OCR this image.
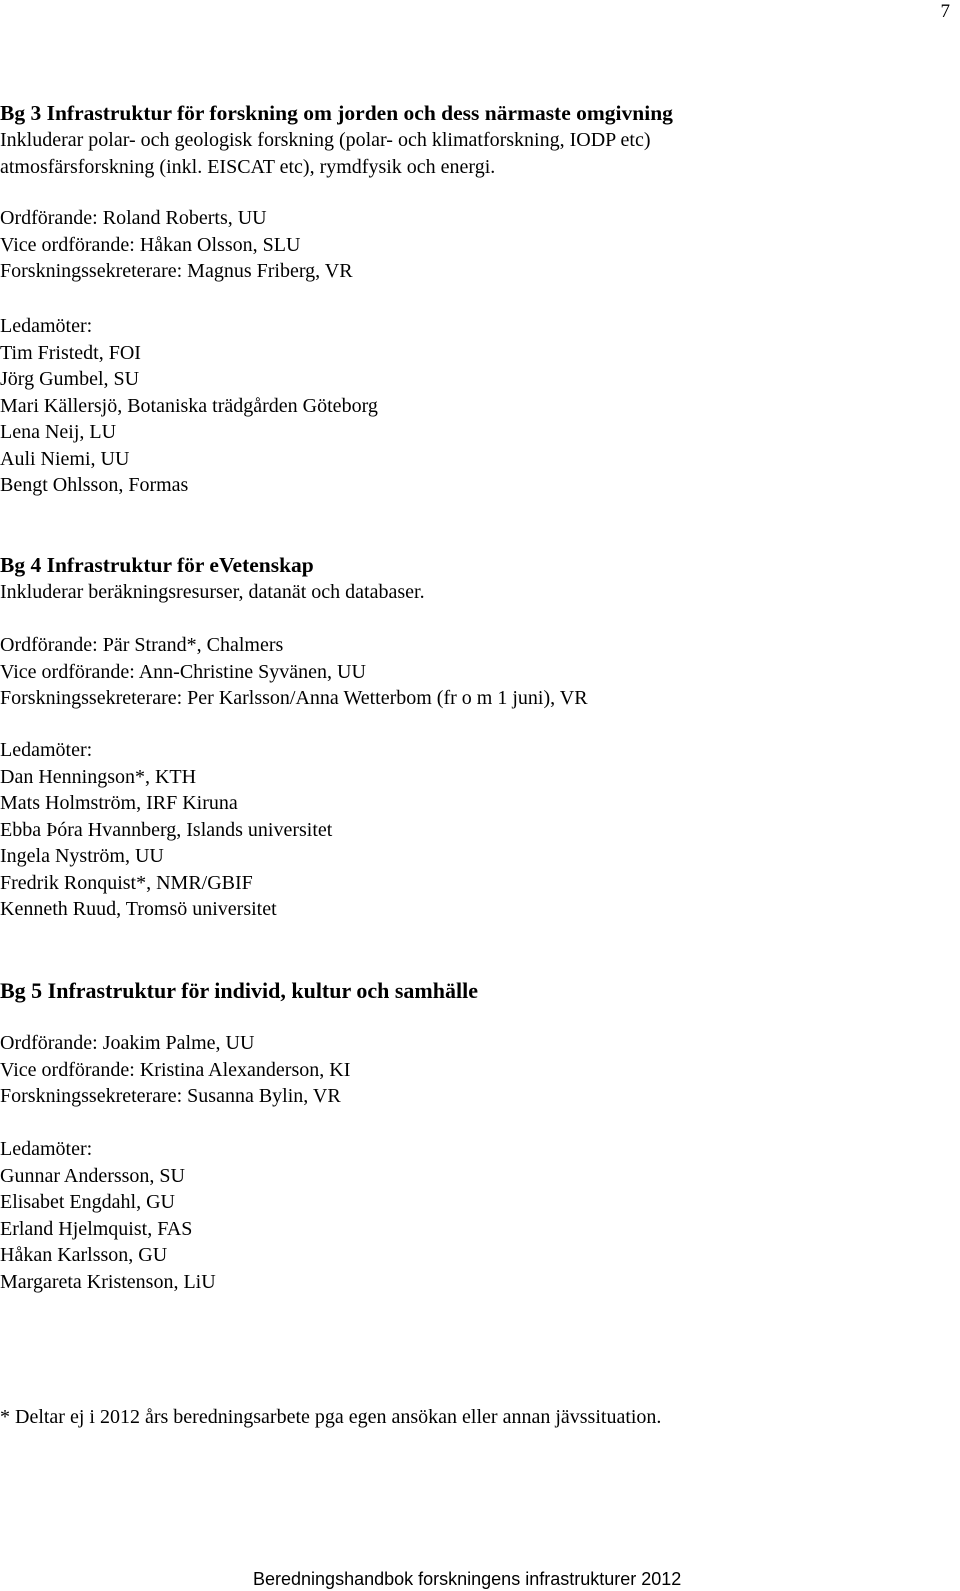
7
Bg 3 Infrastruktur för forskning om jorden och dess närmaste omgivning
Inkluderar polar- och geologisk forskning (polar- och klimatforskning, IODP etc)
atmosfärsforskning (inkl. EISCAT etc), rymdfysik och energi.
Ordförande: Roland Roberts, UU
Vice ordförande: Håkan Olsson, SLU
Forskningssekreterare: Magnus Friberg, VR
Ledamöter:
Tim Fristedt, FOI
Jörg Gumbel, SU
Mari Källersjö, Botaniska trädgården Göteborg
Lena Neij, LU
Auli Niemi, UU
Bengt Ohlsson, Formas
Bg 4 Infrastruktur för eVetenskap
Inkluderar beräkningsresurser, datanät och databaser.
Ordförande: Pär Strand*, Chalmers
Vice ordförande: Ann-Christine Syvänen, UU
Forskningssekreterare: Per Karlsson/Anna Wetterbom (fr o m 1 juni), VR
Ledamöter:
Dan Henningson*, KTH
Mats Holmström, IRF Kiruna
Ebba Þóra Hvannberg, Islands universitet
Ingela Nyström, UU
Fredrik Ronquist*, NMR/GBIF
Kenneth Ruud, Tromsö universitet
Bg 5 Infrastruktur för individ, kultur och samhälle
Ordförande: Joakim Palme, UU
Vice ordförande: Kristina Alexanderson, KI
Forskningssekreterare: Susanna Bylin, VR
Ledamöter:
Gunnar Andersson, SU
Elisabet Engdahl, GU
Erland Hjelmquist, FAS
Håkan Karlsson, GU
Margareta Kristenson, LiU
* Deltar ej i 2012 års beredningsarbete pga egen ansökan eller annan jävssituation.
Beredningshandbok forskningens infrastrukturer 2012
